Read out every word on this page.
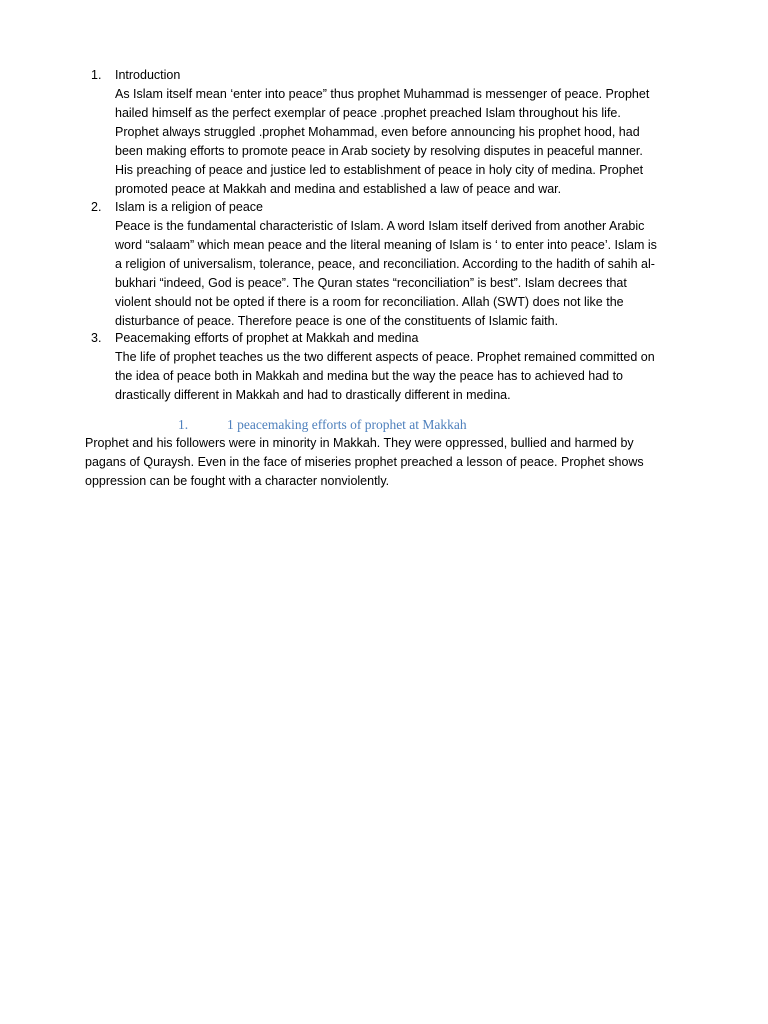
1.	Introduction
As Islam itself mean ‘enter into peace” thus prophet Muhammad is messenger of peace. Prophet
hailed himself as the perfect exemplar of peace .prophet preached Islam throughout his life.
Prophet always struggled .prophet Mohammad, even before announcing his prophet hood, had
been making efforts to promote peace in Arab society by resolving disputes in peaceful manner.
His preaching of peace and justice led to establishment of peace in holy city of medina. Prophet
promoted peace at Makkah and medina and established a law of peace and war.
2.	Islam is a religion of peace
Peace is the fundamental characteristic of Islam. A word Islam itself derived from another Arabic
word “salaam” which mean peace and the literal meaning of Islam is ‘ to enter into peace’. Islam is
a religion of universalism, tolerance, peace, and reconciliation. According to the hadith of sahih al-
bukhari “indeed, God is peace”. The Quran states “reconciliation” is best”. Islam decrees that
violent should not be opted if there is a room for reconciliation. Allah (SWT) does not like the
disturbance of peace. Therefore peace is one of the constituents of Islamic faith.
3.	Peacemaking efforts of prophet at Makkah and medina
The life of prophet teaches us the two different aspects of peace. Prophet remained committed on
the idea of peace both in Makkah and medina but the way the peace has to achieved had to
drastically different in Makkah and had to drastically different in medina.
1.	1 peacemaking efforts of prophet at Makkah
Prophet and his followers were in minority in Makkah. They were oppressed, bullied and harmed by
pagans of Quraysh. Even in the face of miseries prophet preached a lesson of peace. Prophet shows
oppression can be fought with a character nonviolently.
